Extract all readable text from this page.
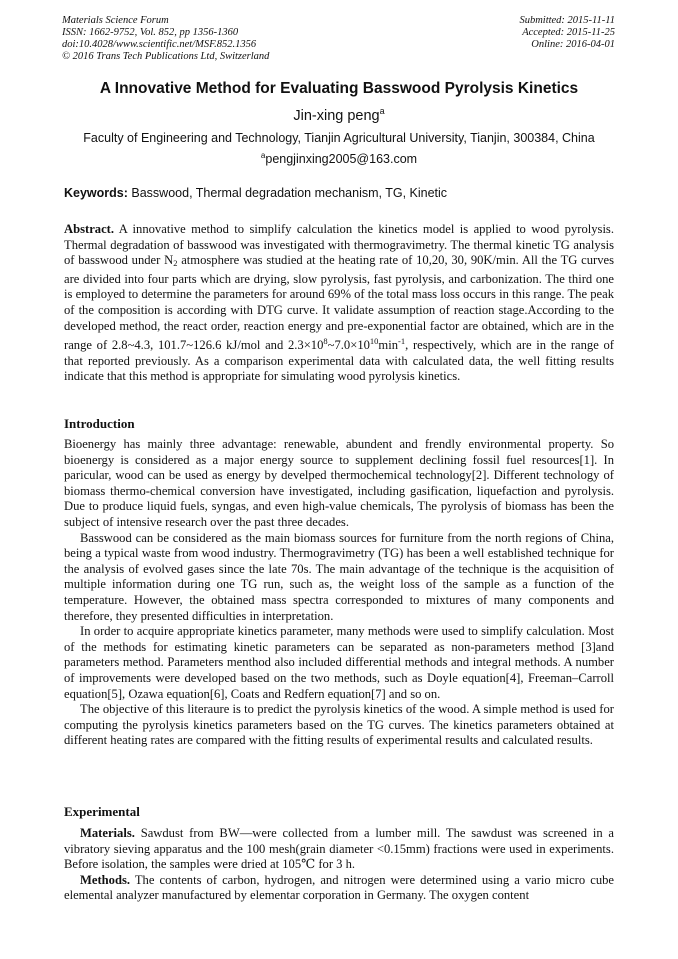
Materials Science Forum
ISSN: 1662-9752, Vol. 852, pp 1356-1360
doi:10.4028/www.scientific.net/MSF.852.1356
© 2016 Trans Tech Publications Ltd, Switzerland
Submitted: 2015-11-11
Accepted: 2015-11-25
Online: 2016-04-01
A Innovative Method for Evaluating Basswood Pyrolysis Kinetics
Jin-xing peng$^a$
Faculty of Engineering and Technology, Tianjin Agricultural University, Tianjin, 300384, China
$^a$pengjinxing2005@163.com
Keywords: Basswood, Thermal degradation mechanism, TG, Kinetic

Abstract. A innovative method to simplify calculation the kinetics model is applied to wood pyrolysis. Thermal degradation of basswood was investigated with thermogravimetry. The thermal kinetic TG analysis of basswood under $N_2$ atmosphere was studied at the heating rate of 10,20, 30, 90K/min. All the TG curves are divided into four parts which are drying, slow pyrolysis, fast pyrolysis, and carbonization. The third one is employed to determine the parameters for around 69% of the total mass loss occurs in this range. The peak of the composition is according with DTG curve. It validate assumption of reaction stage.According to the developed method, the react order, reaction energy and pre-exponential factor are obtained, which are in the range of 2.8~4.3, 101.7~126.6 kJ/mol and $2.3\times 10^8\sim 7.0\times 10^{10}\min^{-1}$, respectively, which are in the range of that reported previously. As a comparison experimental data with calculated data, the well fitting results indicate that this method is appropriate for simulating wood pyrolysis kinetics.

Introduction

Bioenergy has mainly three advantage: renewable, abundent and frendly environmental property. So bioenergy is considered as a major energy source to supplement declining fossil fuel resources[1]. In paricular, wood can be used as energy by develped thermochemical technology[2]. Different technology of biomass thermo-chemical conversion have investigated, including gasification, liquefaction and pyrolysis. Due to produce liquid fuels, syngas, and even high-value chemicals, The pyrolysis of biomass has been the subject of intensive research over the past three decades.

Basswood can be considered as the main biomass sources for furniture from the north regions of China, being a typical waste from wood industry. Thermogravimetry (TG) has been a well established technique for the analysis of evolved gases since the late 70s. The main advantage of the technique is the acquisition of multiple information during one TG run, such as, the weight loss of the sample as a function of the temperature. However, the obtained mass spectra corresponded to mixtures of many components and therefore, they presented difficulties in interpretation.

In order to acquire appropriate kinetics parameter, many methods were used to simplify calculation. Most of the methods for estimating kinetic parameters can be separated as non-parameters method [3]and parameters method. Parameters menthod also included differential methods and integral methods. A number of improvements were developed based on the two methods, such as Doyle equation[4], Freeman–Carroll equation[5], Ozawa equation[6], Coats and Redfern equation[7] and so on.

The objective of this literaure is to predict the pyrolysis kinetics of the wood. A simple method is used for computing the pyrolysis kinetics parameters based on the TG curves. The kinetics parameters obtained at different heating rates are compared with the fitting results of experimental results and calculated results.

Experimental

Materials. Sawdust from BW—were collected from a lumber mill. The sawdust was screened in a vibratory sieving apparatus and the 100 mesh(grain diameter <0.15mm) fractions were used in experiments. Before isolation, the samples were dried at 105℃ for 3 h.

Methods. The contents of carbon, hydrogen, and nitrogen were determined using a vario micro cube elemental analyzer manufactured by elementar corporation in Germany. The oxygen content
